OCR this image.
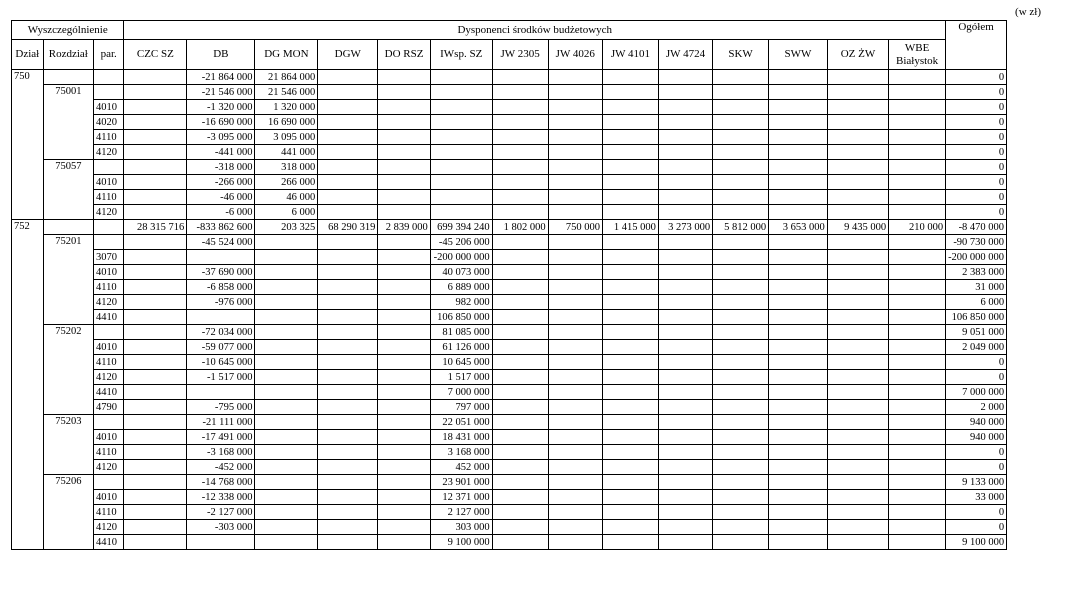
(w zł)
Wyszczególnienie			Dysponenci środków budżetowych														Ogółem
Dział	Rozdział	par.	CZC SZ	DB	DG MON	DGW	DO RSZ	IWsp. SZ	JW 2305	JW 4026	JW 4101	JW 4724	SKW	SWW	OZ ŻW	WBE Białystok	
750				-21 864 000	21 864 000												0
	75001			-21 546 000	21 546 000												0
		4010		-1 320 000	1 320 000												0
		4020		-16 690 000	16 690 000												0
		4110		-3 095 000	3 095 000												0
		4120		-441 000	441 000												0
	75057			-318 000	318 000												0
		4010		-266 000	266 000												0
		4110		-46 000	46 000												0
		4120		-6 000	6 000												0
752			28 315 716	-833 862 600	203 325	68 290 319	2 839 000	699 394 240	1 802 000	750 000	1 415 000	3 273 000	5 812 000	3 653 000	9 435 000	210 000	-8 470 000
	75201			-45 524 000				-45 206 000									-90 730 000
		3070						-200 000 000									-200 000 000
		4010		-37 690 000				40 073 000									2 383 000
		4110		-6 858 000				6 889 000									31 000
		4120		-976 000				982 000									6 000
		4410						106 850 000									106 850 000
	75202			-72 034 000				81 085 000									9 051 000
		4010		-59 077 000				61 126 000									2 049 000
		4110		-10 645 000				10 645 000									0
		4120		-1 517 000				1 517 000									0
		4410						7 000 000									7 000 000
		4790		-795 000				797 000									2 000
	75203			-21 111 000				22 051 000									940 000
		4010		-17 491 000				18 431 000									940 000
		4110		-3 168 000				3 168 000									0
		4120		-452 000				452 000									0
	75206			-14 768 000				23 901 000									9 133 000
		4010		-12 338 000				12 371 000									33 000
		4110		-2 127 000				2 127 000									0
		4120		-303 000				303 000									0
		4410						9 100 000									9 100 000
